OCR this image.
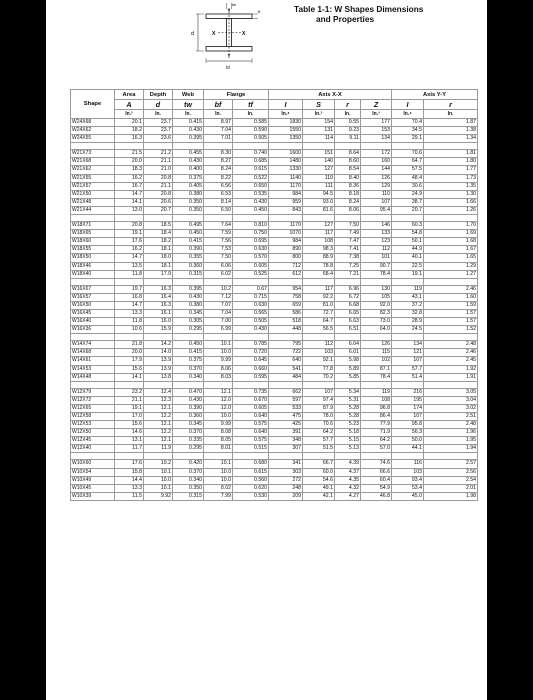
Table 1-1: W Shapes Dimensions
and Properties
tw
tf
Y
X	X
Y
d
bf
Shape	Area	Depth	Web	Flange		Axis X-X				Axis Y-Y	
	A	d	tw	bf	tf	I	S	r	Z	I	r
	In.²	In.	In.	In.	In.	In.⁴	In.³	In.	In.³	In.⁴	In.
W24X68	20.1	23.7	0.415	8.97	0.585	1830	154	9.55	177	70.4	1.87
W24X62	18.2	23.7	0.430	7.04	0.590	1550	131	9.23	153	34.5	1.38
W24X55	16.3	23.6	0.395	7.01	0.505	1350	114	9.11	134	29.1	1.34

W21X73	21.5	21.2	0.455	8.30	0.740	1600	151	8.64	172	70.6	1.81
W21X68	20.0	21.1	0.430	8.27	0.685	1480	140	8.60	160	64.7	1.80
W21X62	18.3	21.0	0.400	8.24	0.615	1330	127	8.54	144	57.5	1.77
W21X55	16.2	20.8	0.375	8.22	0.522	1140	110	8.40	126	48.4	1.73
W21X57	16.7	21.1	0.405	6.56	0.650	1170	111	8.36	129	30.6	1.35
W21X50	14.7	20.8	0.380	6.53	0.535	984	94.5	8.18	110	24.9	1.30
W21X48	14.1	20.6	0.350	8.14	0.430	959	93.0	8.24	107	38.7	1.66
W21X44	13.0	20.7	0.350	6.50	0.450	843	81.6	8.06	95.4	20.7	1.26

W18X71	20.8	18.5	0.495	7.64	0.810	1170	127	7.50	146	60.3	1.70
W18X65	19.1	18.4	0.450	7.59	0.750	1070	117	7.49	133	54.8	1.69
W18X60	17.6	18.2	0.415	7.56	0.695	984	108	7.47	123	50.1	1.68
W18X55	16.2	18.1	0.390	7.53	0.630	890	98.3	7.41	112	44.9	1.67
W18X50	14.7	18.0	0.355	7.50	0.570	800	88.9	7.38	101	40.1	1.65
W18X46	13.5	18.1	0.360	6.06	0.605	712	78.8	7.25	90.7	22.5	1.29
W18X40	11.8	17.9	0.315	6.02	0.525	612	68.4	7.21	78.4	19.1	1.27

W16X67	19.7	16.3	0.395	10.2	0.67	954	117	6.96	130	119	2.46
W16X57	16.8	16.4	0.430	7.12	0.715	758	92.2	6.72	105	43.1	1.60
W16X50	14.7	16.3	0.380	7.07	0.630	659	81.0	6.68	92.0	37.2	1.59
W16X45	13.3	16.1	0.345	7.04	0.565	586	72.7	6.65	82.3	32.8	1.57
W16X40	11.8	16.0	0.305	7.00	0.505	518	64.7	6.63	73.0	28.9	1.57
W16X36	10.6	15.9	0.295	6.99	0.430	448	56.5	6.51	64.0	24.5	1.52

W14X74	21.8	14.2	0.450	10.1	0.785	795	112	6.04	126	134	2.48
W14X68	20.0	14.0	0.415	10.0	0.720	722	103	6.01	115	121	2.46
W14X61	17.9	13.9	0.375	9.99	0.645	640	92.1	5.98	102	107	2.45
W14X53	15.6	13.9	0.370	8.06	0.660	541	77.8	5.89	87.1	57.7	1.92
W14X48	14.1	13.8	0.340	8.03	0.595	484	70.2	5.85	78.4	51.4	1.91

W12X79	23.2	12.4	0.470	12.1	0.735	662	107	5.34	119	216	3.05
W12X72	21.1	12.3	0.430	12.0	0.670	597	97.4	5.31	108	195	3.04
W12X65	19.1	12.1	0.390	12.0	0.605	533	87.9	5.28	96.8	174	3.02
W12X58	17.0	12.2	0.360	10.0	0.640	475	78.0	5.28	86.4	107	2.51
W12X53	15.6	12.1	0.345	9.99	0.575	425	70.6	5.23	77.9	95.8	2.48
W12X50	14.6	12.2	0.370	8.08	0.640	391	64.2	5.18	71.9	56.3	1.96
W12X45	13.1	12.1	0.335	8.05	0.575	348	57.7	5.15	64.2	50.0	1.95
W12X40	11.7	11.9	0.295	8.01	0.515	307	51.5	5.13	57.0	44.1	1.94

W10X60	17.6	10.2	0.420	10.1	0.680	341	66.7	4.39	74.6	116	2.57
W10X54	15.8	10.1	0.370	10.0	0.615	303	60.0	4.37	66.6	103	2.56
W10X49	14.4	10.0	0.340	10.0	0.560	272	54.6	4.35	60.4	93.4	2.54
W10X45	13.3	10.1	0.350	8.02	0.620	248	49.1	4.32	54.9	53.4	2.01
W10X39	11.5	9.92	0.315	7.99	0.530	209	42.1	4.27	46.8	45.0	1.98
